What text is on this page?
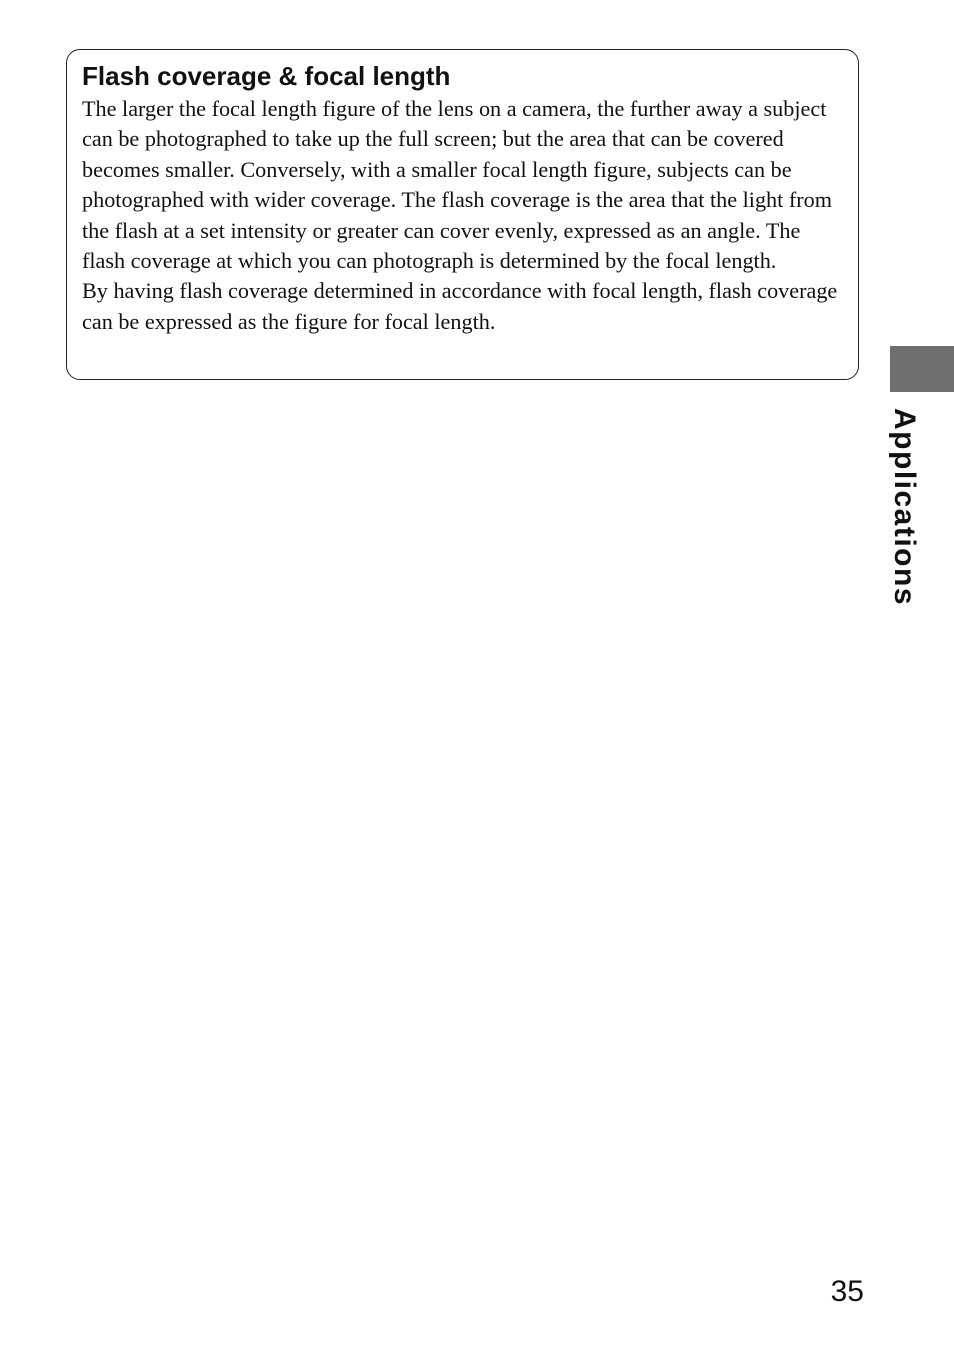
Flash coverage & focal length

The larger the focal length figure of the lens on a camera, the further away a subject can be photographed to take up the full screen; but the area that can be covered becomes smaller. Conversely, with a smaller focal length figure, subjects can be photographed with wider coverage. The flash coverage is the area that the light from the flash at a set intensity or greater can cover evenly, expressed as an angle. The flash coverage at which you can photograph is determined by the focal length.

By having flash coverage determined in accordance with focal length, flash coverage can be expressed as the figure for focal length.

Applications
35
